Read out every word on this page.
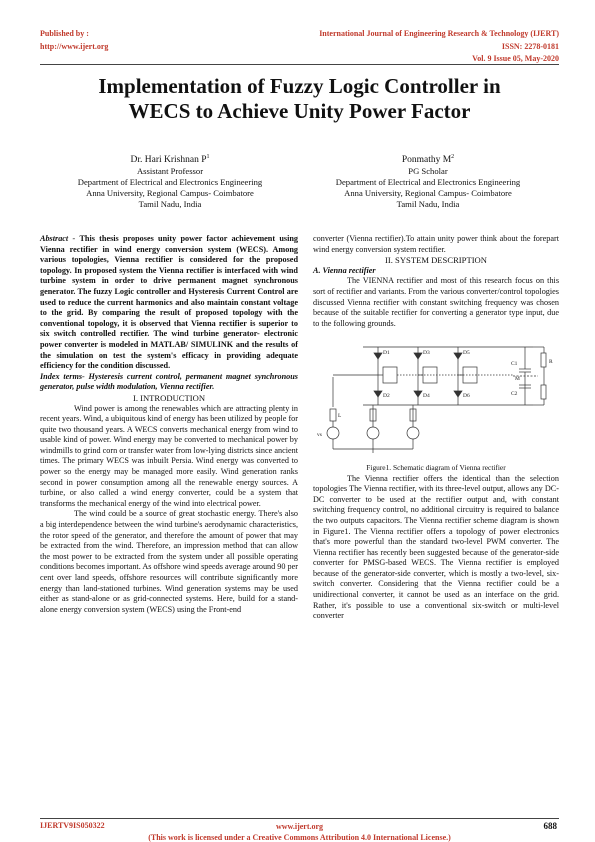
Published by :
http://www.ijert.org
International Journal of Engineering Research & Technology (IJERT)
ISSN: 2278-0181
Vol. 9 Issue 05, May-2020
Implementation of Fuzzy Logic Controller in
WECS to Achieve Unity Power Factor
Dr. Hari Krishnan $P^1$
Assistant Professor
Department of Electrical and Electronics Engineering
Anna University, Regional Campus- Coimbatore
Tamil Nadu, India
Ponmathy $M^2$
PG Scholar
Department of Electrical and Electronics Engineering
Anna University, Regional Campus- Coimbatore
Tamil Nadu, India

Abstract - This thesis proposes unity power factor achievement using Vienna rectifier in wind energy conversion system (WECS). Among various topologies, Vienna rectifier is considered for the proposed topology. In proposed system the Vienna rectifier is interfaced with wind turbine system in order to drive permanent magnet synchronous generator. The fuzzy Logic controller and Hysteresis Current Control are used to reduce the current harmonics and also maintain constant voltage to the grid. By comparing the result of proposed topology with the conventional topology, it is observed that Vienna rectifier is superior to six switch controlled rectifier. The wind turbine generator- electronic power converter is modeled in MATLAB/ SIMULINK and the results of the simulation on test the system's efficacy in providing adequate efficiency for the condition discussed.

Index terms- Hysteresis current control, permanent magnet synchronous generator, pulse width modulation, Vienna rectifier.

I. INTRODUCTION

Wind power is among the renewables which are attracting plenty in recent years. Wind, a ubiquitous kind of energy has been utilized by people for quite two thousand years. A WECS converts mechanical energy from wind to usable kind of power. Wind energy may be converted to mechanical power by windmills to grind corn or transfer water from low-lying districts since ancient times. The primary WECS was inbuilt Persia. Wind energy was converted to power so the energy may be managed more easily. Wind generation ranks second in power consumption among all the renewable energy sources. A turbine, or also called a wind energy converter, could be a system that transforms the mechanical energy of the wind into electrical power.

The wind could be a source of great stochastic energy. There's also a big interdependence between the wind turbine's aerodynamic characteristics, the rotor speed of the generator, and therefore the amount of power that may be extracted from the wind. Therefore, an impression method that can allow the most power to be extracted from the system under all possible operating conditions becomes important. As offshore wind speeds average around 90 per cent over land speeds, offshore resources will contribute significantly more energy than land-stationed turbines. Wind generation systems may be used either as stand-alone or as grid-connected systems. Here, build for a stand-alone energy conversion system (WECS) using the Front-end

converter (Vienna rectifier).To attain unity power think about the forepart wind energy conversion system rectifier.

II. SYSTEM DESCRIPTION

A. Vienna rectifier

The VIENNA rectifier and most of this research focus on this sort of rectifier and variants. From the various converter/control topologies discussed Vienna rectifier with constant switching frequency was chosen because of the suitable rectifier for converting a generator type input, due to the following grounds.

D1	D3	D5
D2	D4	D6
C1
C2
M
vs
L
R

Figure1. Schematic diagram of Vienna rectifier

The Vienna rectifier offers the identical than the selection topologies The Vienna rectifier, with its three-level output, allows any DC-DC converter to be used at the rectifier output and, with constant switching frequency control, no additional circuitry is required to balance the two outputs capacitors. The Vienna rectifier scheme diagram is shown in Figure1. The Vienna rectifier offers a topology of power electronics that's more powerful than the standard two-level PWM converter. The Vienna rectifier has recently been suggested because of the generator-side converter for PMSG-based WECS. The Vienna rectifier is employed because of the generator-side converter, which is mostly a two-level, six-switch converter. Considering that the Vienna rectifier could be a unidirectional converter, it cannot be used as an interface on the grid. Rather, it's possible to use a conventional six-switch or multi-level converter

IJERTV9IS050322	www.ijert.org
(This work is licensed under a Creative Commons Attribution 4.0 International License.)
688
